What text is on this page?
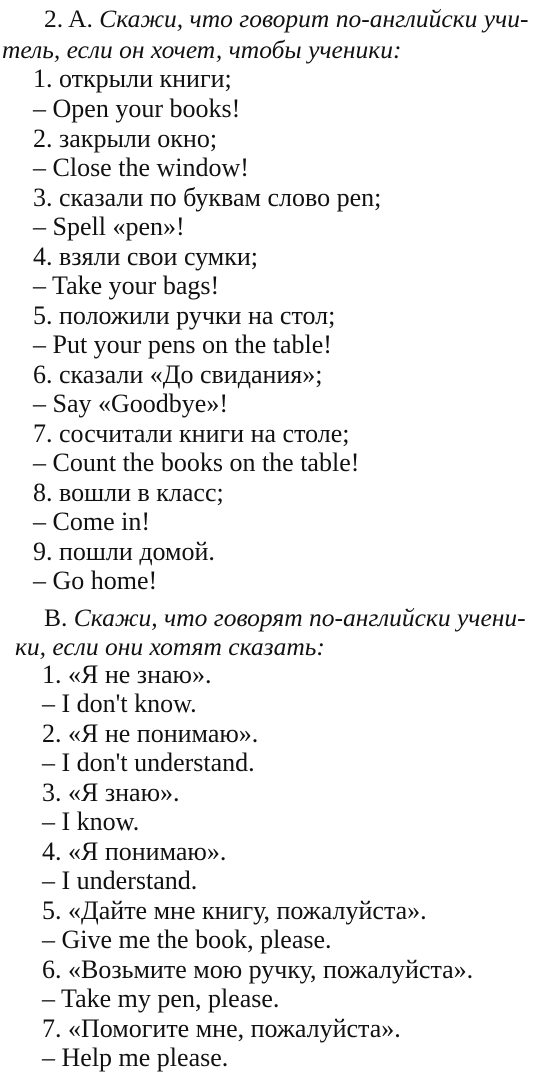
2. A. Скажи, что говорит по-английски учи-
тель, если он хочет, чтобы ученики:
1. открыли книги;
– Open your books!
2. закрыли окно;
– Close the window!
3. сказали по буквам слово pen;
– Spell «pen»!
4. взяли свои сумки;
– Take your bags!
5. положили ручки на стол;
– Put your pens on the table!
6. сказали «До свидания»;
– Say «Goodbye»!
7. сосчитали книги на столе;
– Count the books on the table!
8. вошли в класс;
– Come in!
9. пошли домой.
– Go home!
B. Скажи, что говорят по-английски учени-
ки, если они хотят сказать:
1. «Я не знаю».
– I don't know.
2. «Я не понимаю».
– I don't understand.
3. «Я знаю».
– I know.
4. «Я понимаю».
– I understand.
5. «Дайте мне книгу, пожалуйста».
– Give me the book, please.
6. «Возьмите мою ручку, пожалуйста».
– Take my pen, please.
7. «Помогите мне, пожалуйста».
– Help me please.
